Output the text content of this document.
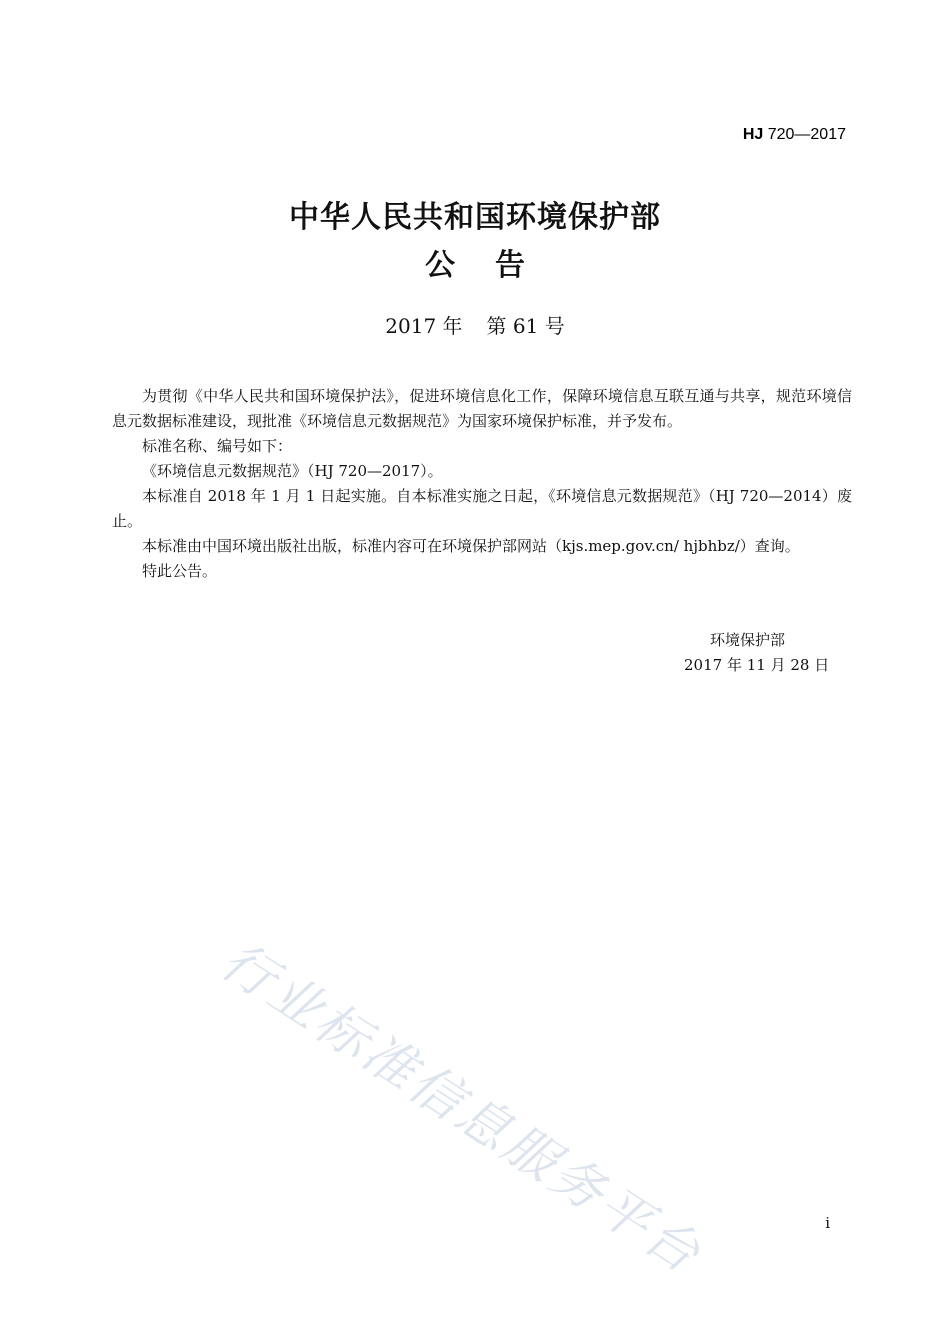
HJ 720—2017
中华人民共和国环境保护部
公 告
2017 年 第 61 号

为贯彻《中华人民共和国环境保护法》，促进环境信息化工作，保障环境信息互联互通与共享，规范环境信息元数据标准建设，现批准《环境信息元数据规范》为国家环境保护标准，并予发布。

标准名称、编号如下：

《环境信息元数据规范》（HJ 720—2017）。

本标准自 2018 年 1 月 1 日起实施。自本标准实施之日起，《环境信息元数据规范》（HJ 720—2014）废止。

本标准由中国环境出版社出版，标准内容可在环境保护部网站（kjs.mep.gov.cn/ hjbhbz/）查询。

特此公告。

环境保护部
2017 年 11 月 28 日
行业标准信息服务平台	i
